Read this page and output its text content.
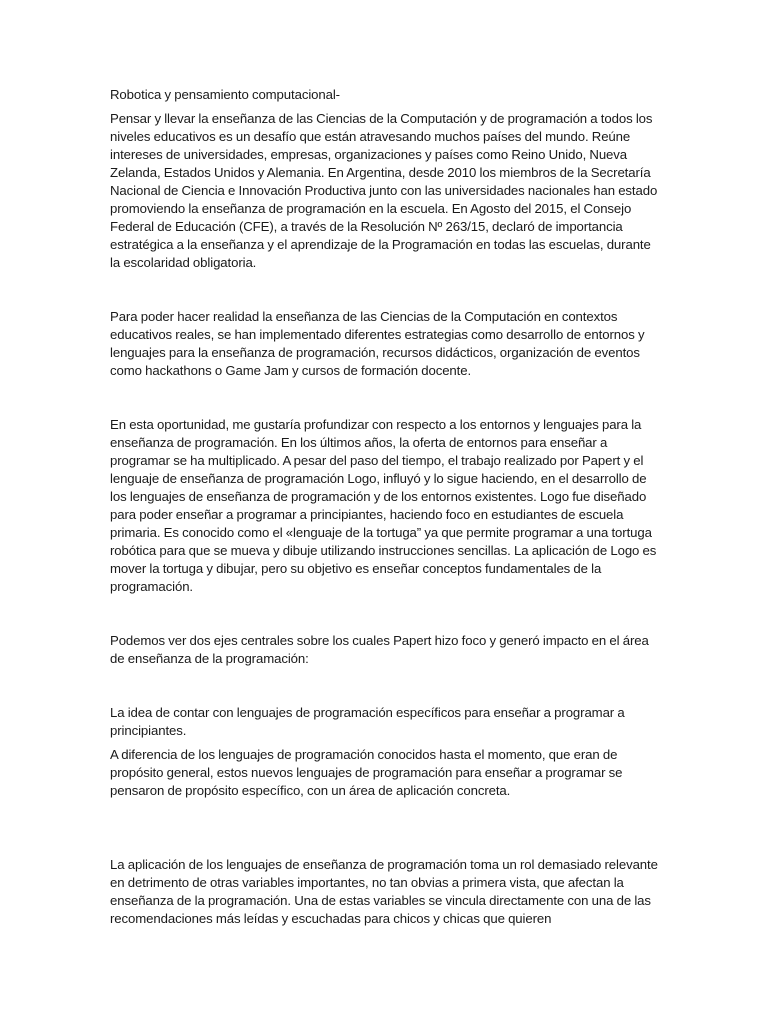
Robotica y pensamiento computacional-

Pensar y llevar la enseñanza de las Ciencias de la Computación y de programación a todos los niveles educativos es un desafío que están atravesando muchos países del mundo. Reúne intereses de universidades, empresas, organizaciones y países como Reino Unido, Nueva Zelanda, Estados Unidos y Alemania. En Argentina, desde 2010 los miembros de la Secretaría Nacional de Ciencia e Innovación Productiva junto con las universidades nacionales han estado promoviendo la enseñanza de programación en la escuela. En Agosto del 2015, el Consejo Federal de Educación (CFE), a través de la Resolución Nº 263/15, declaró de importancia estratégica a la enseñanza y el aprendizaje de la Programación en todas las escuelas, durante la escolaridad obligatoria.

Para poder hacer realidad la enseñanza de las Ciencias de la Computación en contextos educativos reales, se han implementado diferentes estrategias como desarrollo de entornos y lenguajes para la enseñanza de programación, recursos didácticos, organización de eventos como hackathons o Game Jam y cursos de formación docente.

En esta oportunidad, me gustaría profundizar con respecto a los entornos y lenguajes para la enseñanza de programación. En los últimos años, la oferta de entornos para enseñar a programar se ha multiplicado. A pesar del paso del tiempo, el trabajo realizado por Papert y el lenguaje de enseñanza de programación Logo, influyó y lo sigue haciendo, en el desarrollo de los lenguajes de enseñanza de programación y de los entornos existentes. Logo fue diseñado para poder enseñar a programar a principiantes, haciendo foco en estudiantes de escuela primaria. Es conocido como el «lenguaje de la tortuga” ya que permite programar a una tortuga robótica para que se mueva y dibuje utilizando instrucciones sencillas. La aplicación de Logo es mover la tortuga y dibujar, pero su objetivo es enseñar conceptos fundamentales de la programación.

Podemos ver dos ejes centrales sobre los cuales Papert hizo foco y generó impacto en el área de enseñanza de la programación:

La idea de contar con lenguajes de programación específicos para enseñar a programar a principiantes.

A diferencia de los lenguajes de programación conocidos hasta el momento, que eran de propósito general, estos nuevos lenguajes de programación para enseñar a programar se pensaron de propósito específico, con un área de aplicación concreta.

La aplicación de los lenguajes de enseñanza de programación toma un rol demasiado relevante en detrimento de otras variables importantes, no tan obvias a primera vista, que afectan la enseñanza de la programación. Una de estas variables se vincula directamente con una de las recomendaciones más leídas y escuchadas para chicos y chicas que quieren
